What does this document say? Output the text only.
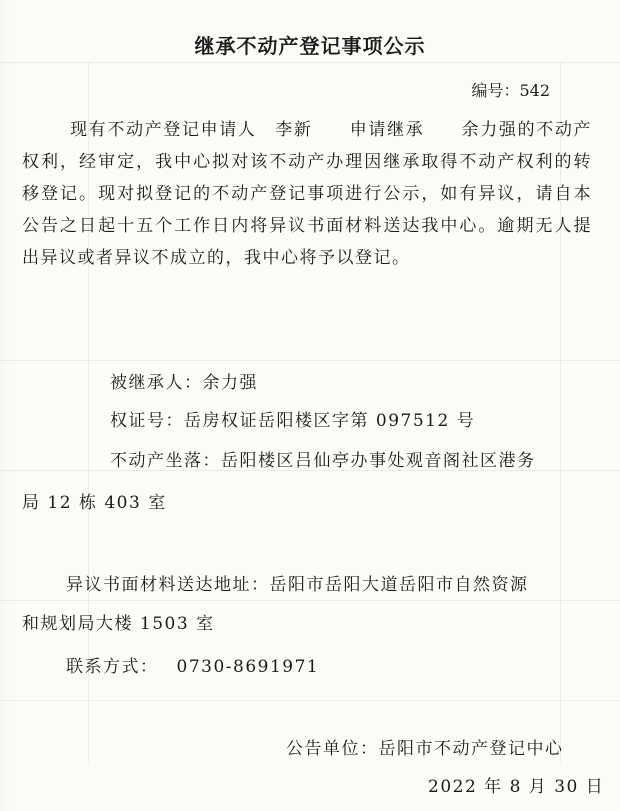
继承不动产登记事项公示
编号：542
现有不动产登记申请人　李新　　申请继承　　余力强的不动产权利，经审定，我中心拟对该不动产办理因继承取得不动产权利的转移登记。现对拟登记的不动产登记事项进行公示，如有异议，请自本公告之日起十五个工作日内将异议书面材料送达我中心。逾期无人提出异议或者异议不成立的，我中心将予以登记。
被继承人：余力强
权证号：岳房权证岳阳楼区字第 097512 号
不动产坐落：岳阳楼区吕仙亭办事处观音阁社区港务
局 12 栋 403 室
异议书面材料送达地址：岳阳市岳阳大道岳阳市自然资源
和规划局大楼 1503 室
联系方式： 0730-8691971
公告单位：岳阳市不动产登记中心
2022 年 8 月 30 日
